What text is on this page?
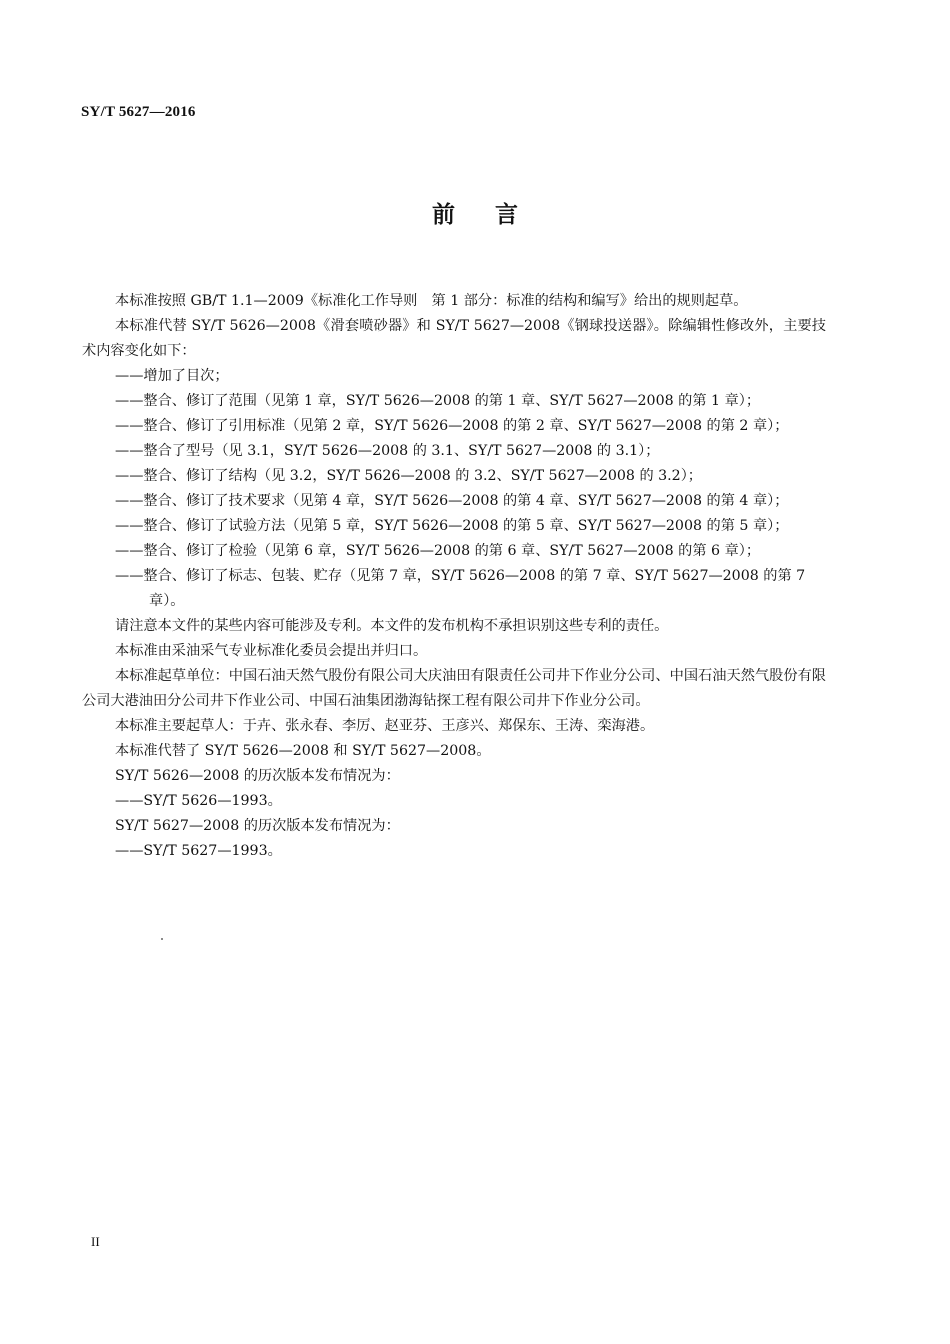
SY/T 5627—2016
前言

本标准按照 GB/T 1.1—2009《标准化工作导则　第 1 部分：标准的结构和编写》给出的规则起草。

本标准代替 SY/T 5626—2008《滑套喷砂器》和 SY/T 5627—2008《钢球投送器》。除编辑性修改外，主要技术内容变化如下：

——增加了目次；

——整合、修订了范围（见第 1 章，SY/T 5626—2008 的第 1 章、SY/T 5627—2008 的第 1 章）；

——整合、修订了引用标准（见第 2 章，SY/T 5626—2008 的第 2 章、SY/T 5627—2008 的第 2 章）；

——整合了型号（见 3.1，SY/T 5626—2008 的 3.1、SY/T 5627—2008 的 3.1）；

——整合、修订了结构（见 3.2，SY/T 5626—2008 的 3.2、SY/T 5627—2008 的 3.2）；

——整合、修订了技术要求（见第 4 章，SY/T 5626—2008 的第 4 章、SY/T 5627—2008 的第 4 章）；

——整合、修订了试验方法（见第 5 章，SY/T 5626—2008 的第 5 章、SY/T 5627—2008 的第 5 章）；

——整合、修订了检验（见第 6 章，SY/T 5626—2008 的第 6 章、SY/T 5627—2008 的第 6 章）；

——整合、修订了标志、包装、贮存（见第 7 章，SY/T 5626—2008 的第 7 章、SY/T 5627—2008 的第 7 章）。

请注意本文件的某些内容可能涉及专利。本文件的发布机构不承担识别这些专利的责任。

本标准由采油采气专业标准化委员会提出并归口。

本标准起草单位：中国石油天然气股份有限公司大庆油田有限责任公司井下作业分公司、中国石油天然气股份有限公司大港油田分公司井下作业公司、中国石油集团渤海钻探工程有限公司井下作业分公司。

本标准主要起草人：于卉、张永春、李厉、赵亚芬、王彦兴、郑保东、王涛、栾海港。

本标准代替了 SY/T 5626—2008 和 SY/T 5627—2008。

SY/T 5626—2008 的历次版本发布情况为：

——SY/T 5626—1993。

SY/T 5627—2008 的历次版本发布情况为：

——SY/T 5627—1993。

II
